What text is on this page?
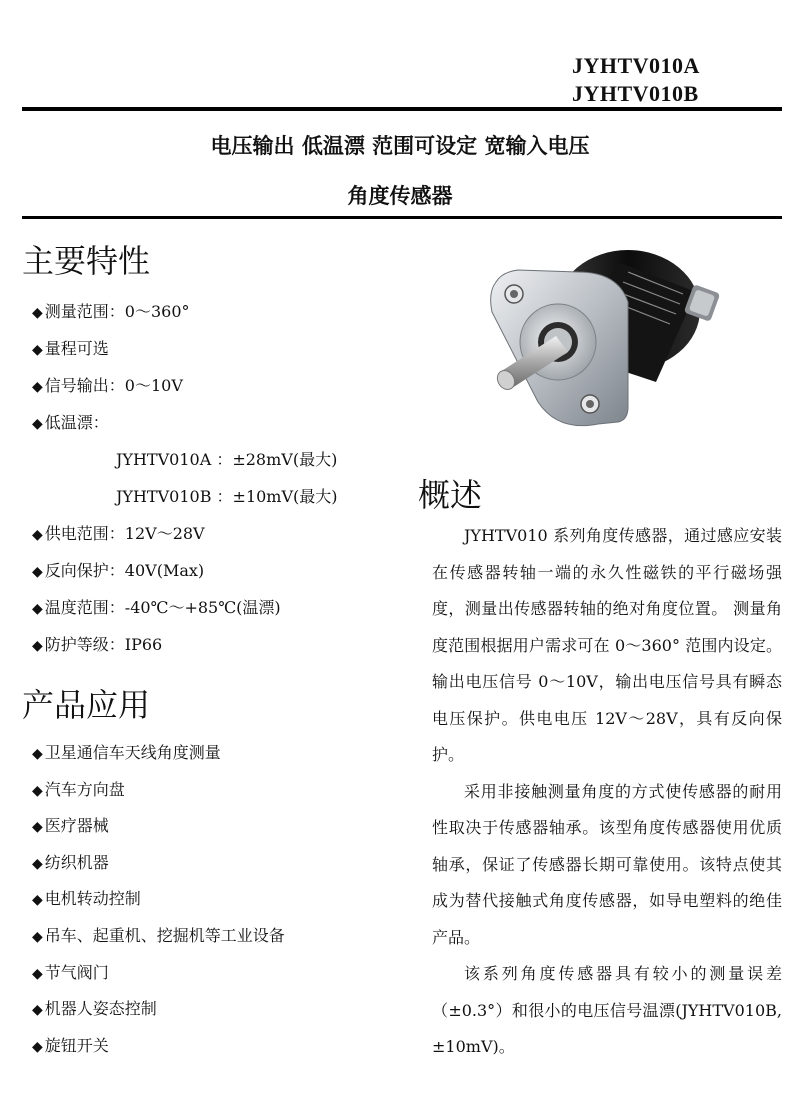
JYHTV010A
JYHTV010B
电压输出 低温漂 范围可设定 宽输入电压
角度传感器
主要特性
◆ 测量范围：0～360°
◆ 量程可选
◆ 信号输出：0～10V
◆ 低温漂：
JYHTV010A ：±28mV(最大)
JYHTV010B ：±10mV(最大)
◆ 供电范围：12V～28V
◆ 反向保护：40V(Max)
◆ 温度范围：-40℃～+85℃(温漂)
◆ 防护等级：IP66
产品应用
◆ 卫星通信车天线角度测量
◆ 汽车方向盘
◆ 医疗器械
◆ 纺织机器
◆ 电机转动控制
◆ 吊车、起重机、挖掘机等工业设备
◆ 节气阀门
◆ 机器人姿态控制
◆ 旋钮开关
概述

JYHTV010 系列角度传感器，通过感应安装在传感器转轴一端的永久性磁铁的平行磁场强度，测量出传感器转轴的绝对角度位置。 测量角度范围根据用户需求可在 0～360° 范围内设定。输出电压信号 0～10V，输出电压信号具有瞬态电压保护。供电电压 12V～28V，具有反向保护。

采用非接触测量角度的方式使传感器的耐用性取决于传感器轴承。该型角度传感器使用优质轴承，保证了传感器长期可靠使用。该特点使其成为替代接触式角度传感器，如导电塑料的绝佳产品。

该系列角度传感器具有较小的测量误差（±0.3°）和很小的电压信号温漂(JYHTV010B,±10mV)。
